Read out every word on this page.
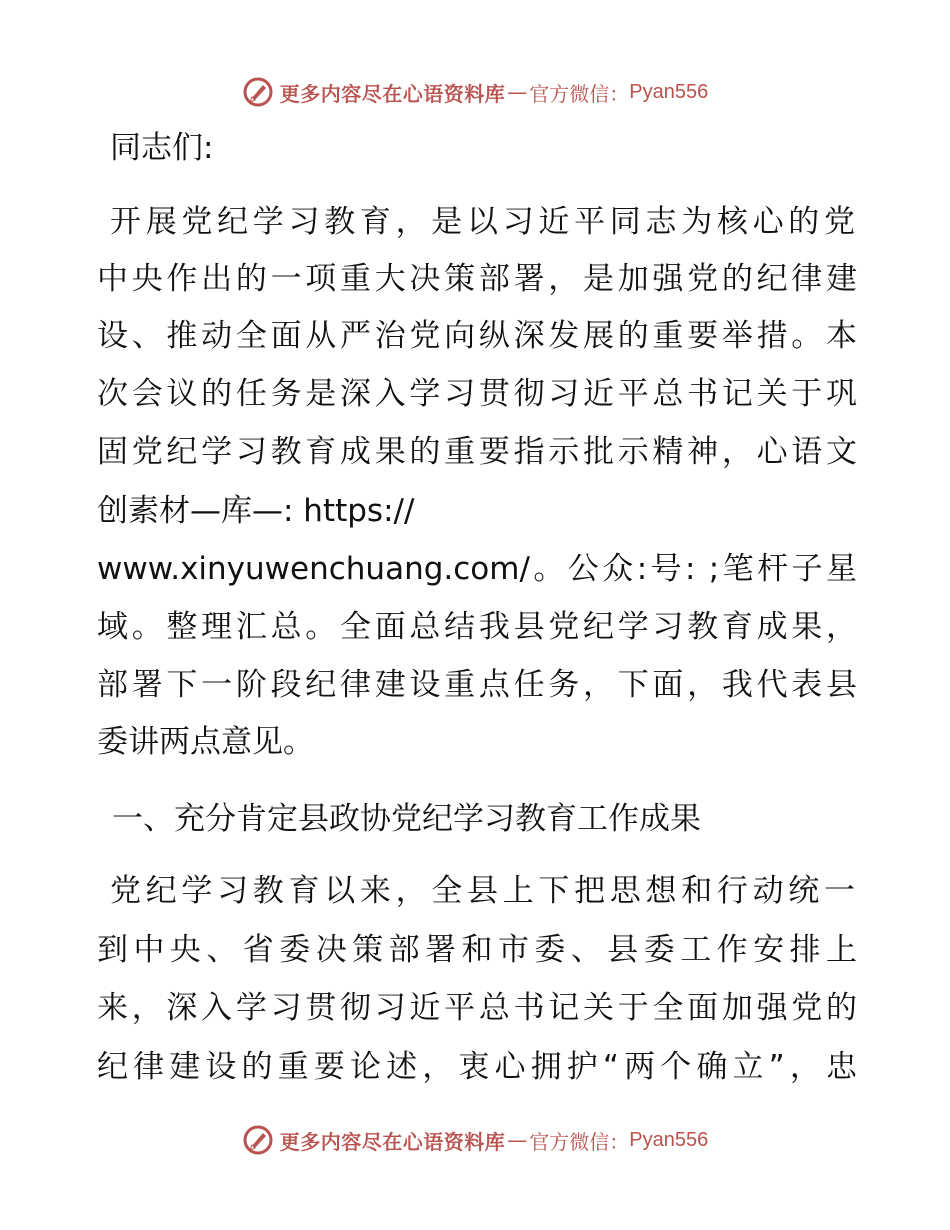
更多内容尽在心语资料库 — 官方微信： Pyan556
同志们:
开展党纪学习教育，是以习近平同志为核心的党
中央作出的一项重大决策部署，是加强党的纪律建
设、推动全面从严治党向纵深发展的重要举措。本
次会议的任务是深入学习贯彻习近平总书记关于巩
固党纪学习教育成果的重要指示批示精神，心语文
创素材—库—: https://
www.xinyuwenchuang.com/。公众:号: ;笔杆子星
域。整理汇总。全面总结我县党纪学习教育成果，
部署下一阶段纪律建设重点任务，下面，我代表县
委讲两点意见。
一、充分肯定县政协党纪学习教育工作成果
党纪学习教育以来，全县上下把思想和行动统一
到中央、省委决策部署和市委、县委工作安排上
来，深入学习贯彻习近平总书记关于全面加强党的
纪律建设的重要论述，衷心拥护“两个确立”，忠
更多内容尽在心语资料库 — 官方微信： Pyan556
